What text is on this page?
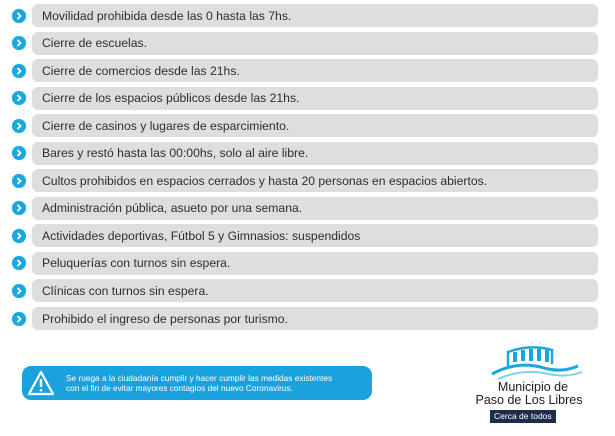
Movilidad prohibida desde las 0 hasta las 7hs.
Cierre de escuelas.
Cierre de comercios desde las 21hs.
Cierre de los espacios públicos desde las 21hs.
Cierre de casinos y lugares de esparcimiento.
Bares y restó hasta las 00:00hs, solo al aire libre.
Cultos prohibidos en espacios cerrados y hasta 20 personas en espacios abiertos.
Administración pública, asueto por una semana.
Actividades deportivas, Fútbol 5 y Gimnasios: suspendidos
Peluquerías con turnos sin espera.
Clínicas con turnos sin espera.
Prohibido el ingreso de personas por turismo.
Se ruega a la ciudadanía cumplir y hacer cumplir las medidas existentes
con el fin de evitar mayores contagios del nuevo Coronavirus.	Municipio de
Paso de Los Libres
Cerca de todos
